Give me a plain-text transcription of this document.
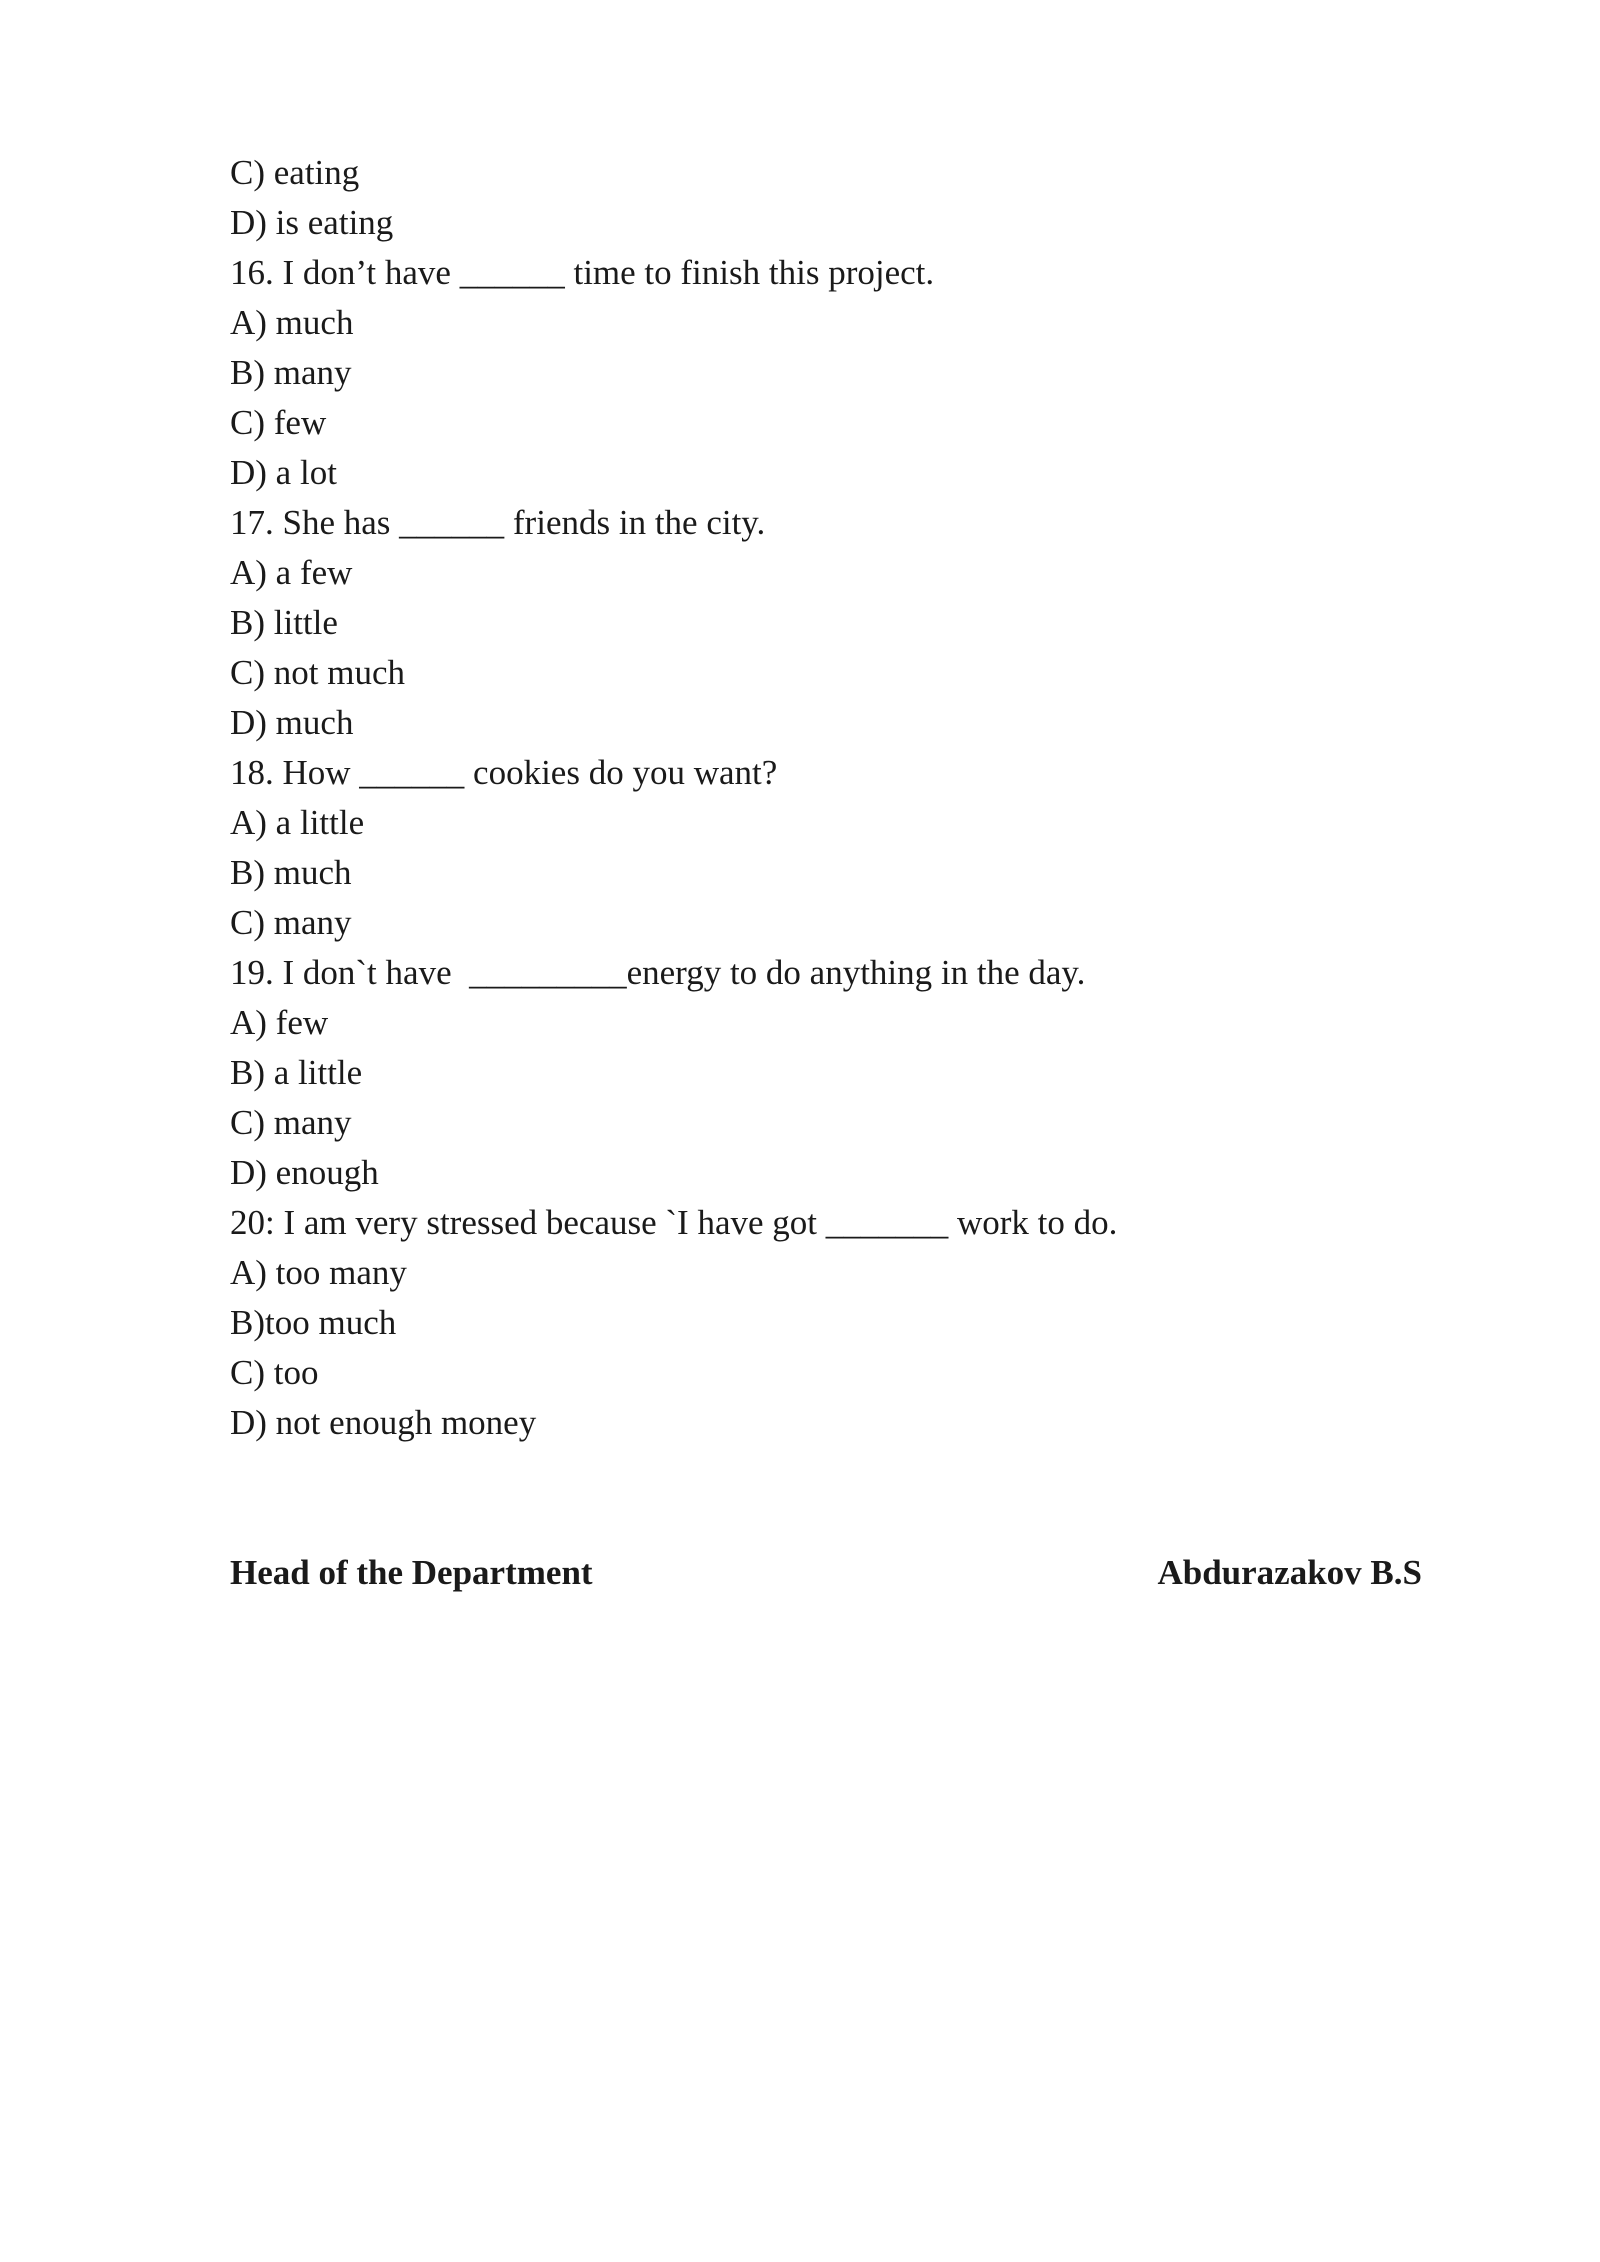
C) eating
D) is eating
16. I don’t have ______ time to finish this project.
A) much
B) many
C) few
D) a lot
17. She has ______ friends in the city.
A) a few
B) little
C) not much
D) much
18. How ______ cookies do you want?
A) a little
B) much
C) many
19. I don`t have  _________energy to do anything in the day.
A) few
B) a little
C) many
D) enough
20: I am very stressed because `I have got _______ work to do.
A) too many
B)too much
C) too
D) not enough money
Head of the Department	Abdurazakov B.S
